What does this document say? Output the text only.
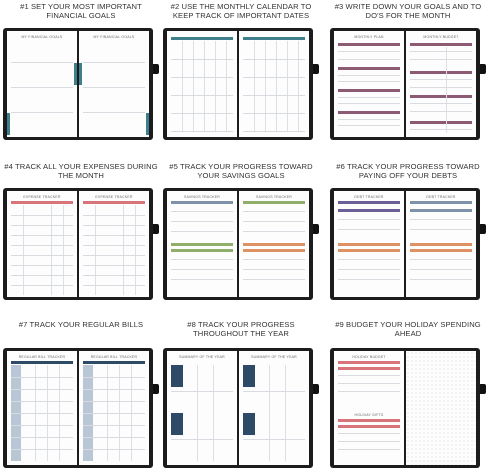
#1 SET YOUR MOST IMPORTANT FINANCIAL GOALS
MY FINANCIAL GOALS	MY FINANCIAL GOALS
#2 USE THE MONTHLY CALENDAR TO KEEP TRACK OF IMPORTANT DATES
#3 WRITE DOWN YOUR GOALS AND TO DO'S FOR THE MONTH
MONTHLY PLAN	MONTHLY BUDGET
#4 TRACK ALL YOUR EXPENSES DURING THE MONTH
EXPENSE TRACKER	EXPENSE TRACKER
#5 TRACK YOUR PROGRESS TOWARD YOUR SAVINGS GOALS
SAVINGS TRACKER	SAVINGS TRACKER
#6 TRACK YOUR PROGRESS TOWARD PAYING OFF YOUR DEBTS
DEBT TRACKER	DEBT TRACKER
#7 TRACK YOUR REGULAR BILLS
REGULAR BILL TRACKER	REGULAR BILL TRACKER
#8 TRACK YOUR PROGRESS THROUGHOUT THE YEAR
SUMMARY OF THE YEAR	SUMMARY OF THE YEAR
#9 BUDGET YOUR HOLIDAY SPENDING AHEAD
HOLIDAY BUDGET
HOLIDAY GIFTS
